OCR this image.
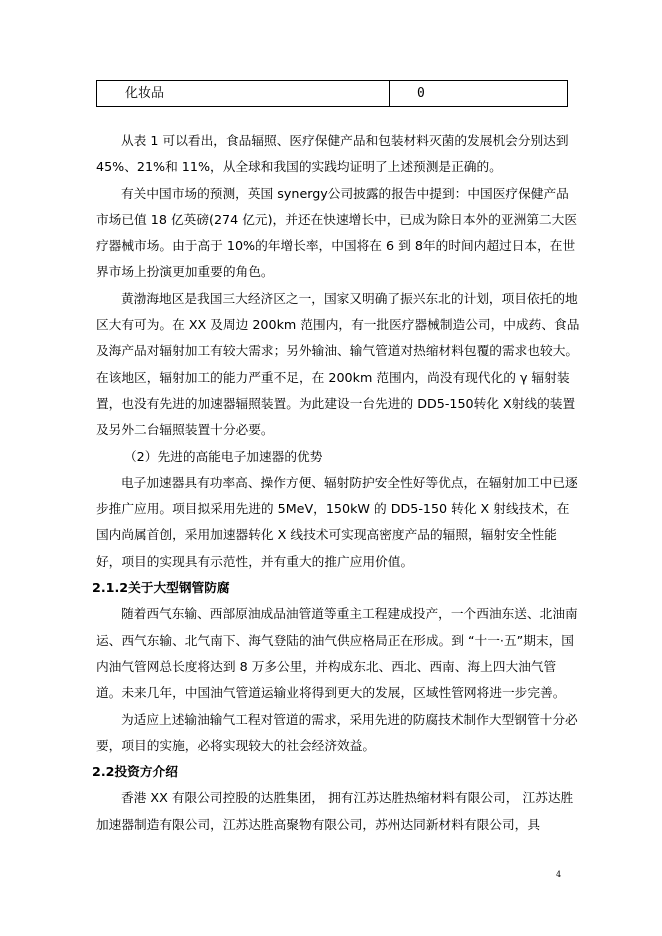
化妆品	0

从表 1 可以看出，食品辐照、医疗保健产品和包装材料灭菌的发展机会分别达到 45%、21%和 11%，从全球和我国的实践均证明了上述预测是正确的。

有关中国市场的预测，英国 synergy公司披露的报告中提到：中国医疗保健产品市场已值 18 亿英磅(274 亿元)，并还在快速增长中，已成为除日本外的亚洲第二大医疗器械市场。由于高于 10%的年增长率，中国将在 6 到 8年的时间内超过日本，在世界市场上扮演更加重要的角色。

黄渤海地区是我国三大经济区之一，国家又明确了振兴东北的计划，项目依托的地区大有可为。在 XX 及周边 200km 范围内，有一批医疗器械制造公司，中成药、食品及海产品对辐射加工有较大需求；另外输油、输气管道对热缩材料包覆的需求也较大。在该地区，辐射加工的能力严重不足，在 200km 范围内，尚没有现代化的 γ 辐射装置，也没有先进的加速器辐照装置。为此建设一台先进的 DD5-150转化 X射线的装置及另外二台辐照装置十分必要。

（2）先进的高能电子加速器的优势

电子加速器具有功率高、操作方便、辐射防护安全性好等优点，在辐射加工中已逐步推广应用。项目拟采用先进的 5MeV，150kW 的 DD5-150 转化 X 射线技术，在国内尚属首创，采用加速器转化 X 线技术可实现高密度产品的辐照，辐射安全性能好，项目的实现具有示范性，并有重大的推广应用价值。

2.1.2关于大型钢管防腐

随着西气东输、西部原油成品油管道等重主工程建成投产，一个西油东送、北油南运、西气东输、北气南下、海气登陆的油气供应格局正在形成。到 “十一·五”期末，国内油气管网总长度将达到 8 万多公里，并构成东北、西北、西南、海上四大油气管道。未来几年，中国油气管道运输业将得到更大的发展，区域性管网将进一步完善。

为适应上述输油输气工程对管道的需求，采用先进的防腐技术制作大型钢管十分必要，项目的实施，必将实现较大的社会经济效益。

2.2投资方介绍

香港 XX 有限公司控股的达胜集团， 拥有江苏达胜热缩材料有限公司， 江苏达胜加速器制造有限公司，江苏达胜高聚物有限公司，苏州达同新材料有限公司，具

4
